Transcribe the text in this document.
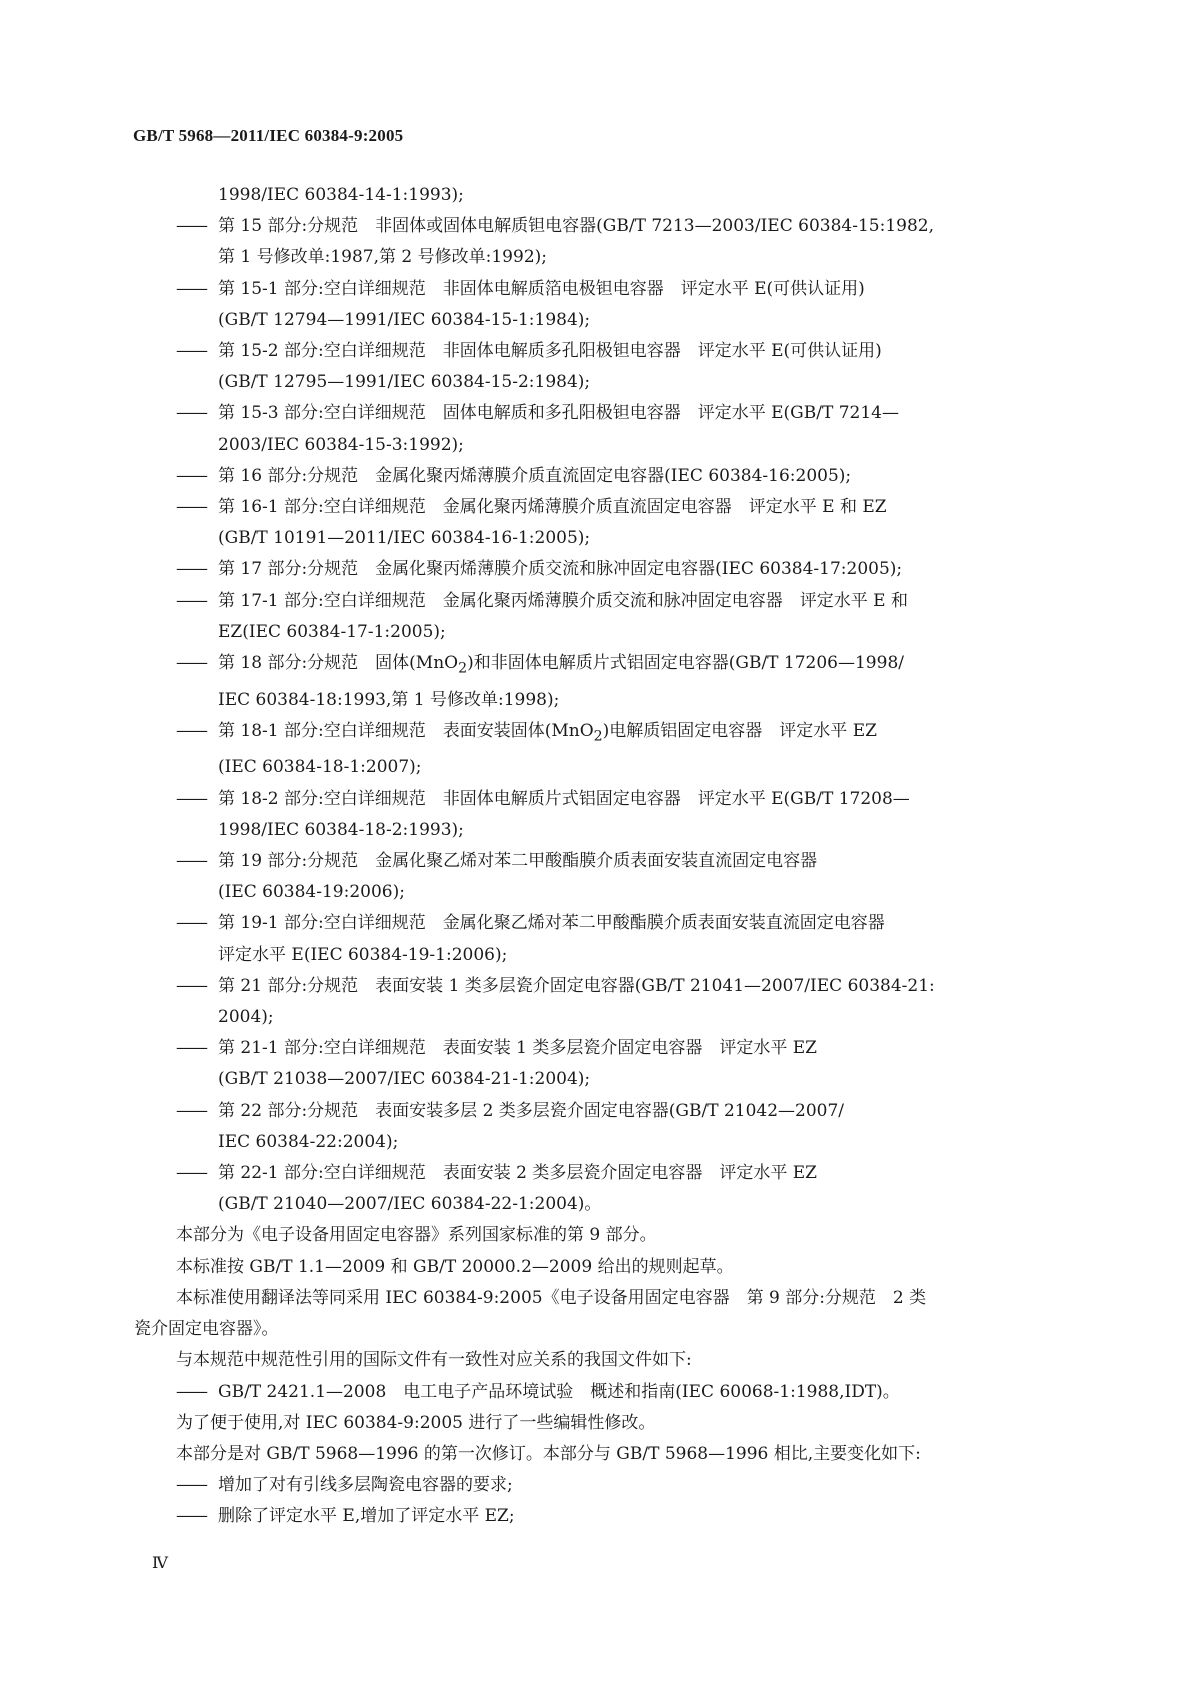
GB/T 5968—2011/IEC 60384-9:2005
1998/IEC 60384-14-1:1993);
—— 第 15 部分:分规范　非固体或固体电解质钽电容器(GB/T 7213—2003/IEC 60384-15:1982,
第 1 号修改单:1987,第 2 号修改单:1992);
—— 第 15-1 部分:空白详细规范　非固体电解质箔电极钽电容器　评定水平 E(可供认证用)
(GB/T 12794—1991/IEC 60384-15-1:1984);
—— 第 15-2 部分:空白详细规范　非固体电解质多孔阳极钽电容器　评定水平 E(可供认证用)
(GB/T 12795—1991/IEC 60384-15-2:1984);
—— 第 15-3 部分:空白详细规范　固体电解质和多孔阳极钽电容器　评定水平 E(GB/T 7214—
2003/IEC 60384-15-3:1992);
—— 第 16 部分:分规范　金属化聚丙烯薄膜介质直流固定电容器(IEC 60384-16:2005);
—— 第 16-1 部分:空白详细规范　金属化聚丙烯薄膜介质直流固定电容器　评定水平 E 和 EZ
(GB/T 10191—2011/IEC 60384-16-1:2005);
—— 第 17 部分:分规范　金属化聚丙烯薄膜介质交流和脉冲固定电容器(IEC 60384-17:2005);
—— 第 17-1 部分:空白详细规范　金属化聚丙烯薄膜介质交流和脉冲固定电容器　评定水平 E 和
EZ(IEC 60384-17-1:2005);
—— 第 18 部分:分规范　固体(MnO$_2$)和非固体电解质片式铝固定电容器(GB/T 17206—1998/
IEC 60384-18:1993,第 1 号修改单:1998);
—— 第 18-1 部分:空白详细规范　表面安装固体(MnO$_2$)电解质铝固定电容器　评定水平 EZ
(IEC 60384-18-1:2007);
—— 第 18-2 部分:空白详细规范　非固体电解质片式铝固定电容器　评定水平 E(GB/T 17208—
1998/IEC 60384-18-2:1993);
—— 第 19 部分:分规范　金属化聚乙烯对苯二甲酸酯膜介质表面安装直流固定电容器
(IEC 60384-19:2006);
—— 第 19-1 部分:空白详细规范　金属化聚乙烯对苯二甲酸酯膜介质表面安装直流固定电容器
评定水平 E(IEC 60384-19-1:2006);
—— 第 21 部分:分规范　表面安装 1 类多层瓷介固定电容器(GB/T 21041—2007/IEC 60384-21:
2004);
—— 第 21-1 部分:空白详细规范　表面安装 1 类多层瓷介固定电容器　评定水平 EZ
(GB/T 21038—2007/IEC 60384-21-1:2004);
—— 第 22 部分:分规范　表面安装多层 2 类多层瓷介固定电容器(GB/T 21042—2007/
IEC 60384-22:2004);
—— 第 22-1 部分:空白详细规范　表面安装 2 类多层瓷介固定电容器　评定水平 EZ
(GB/T 21040—2007/IEC 60384-22-1:2004)。
本部分为《电子设备用固定电容器》系列国家标准的第 9 部分。
本标准按 GB/T 1.1—2009 和 GB/T 20000.2—2009 给出的规则起草。
本标准使用翻译法等同采用 IEC 60384-9:2005《电子设备用固定电容器　第 9 部分:分规范　2 类
瓷介固定电容器》。
与本规范中规范性引用的国际文件有一致性对应关系的我国文件如下:
—— GB/T 2421.1—2008　电工电子产品环境试验　概述和指南(IEC 60068-1:1988,IDT)。
为了便于使用,对 IEC 60384-9:2005 进行了一些编辑性修改。
本部分是对 GB/T 5968—1996 的第一次修订。本部分与 GB/T 5968—1996 相比,主要变化如下:
—— 增加了对有引线多层陶瓷电容器的要求;
—— 删除了评定水平 E,增加了评定水平 EZ;
Ⅳ
